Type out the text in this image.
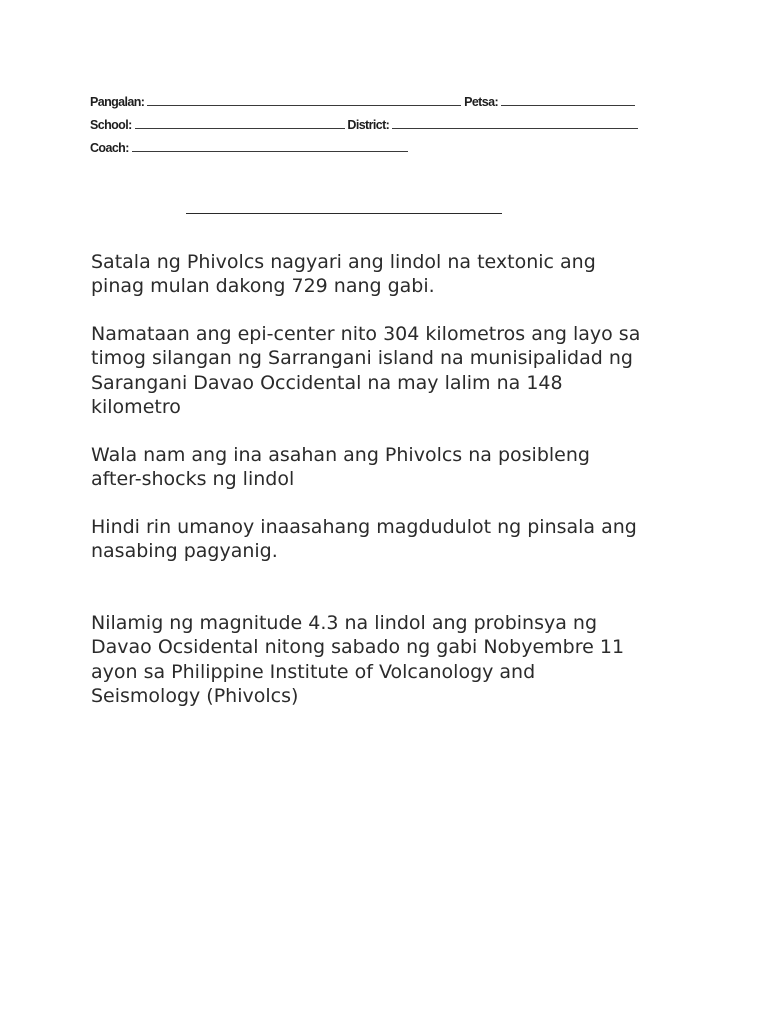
Pangalan:	Petsa:
School:	District:
Coach:

Satala ng Phivolcs nagyari ang lindol na textonic ang
pinag mulan dakong 729 nang gabi.

Namataan ang epi-center nito 304 kilometros ang layo sa
timog silangan ng Sarrangani island na munisipalidad ng
Sarangani Davao Occidental na may lalim na 148
kilometro

Wala nam ang ina asahan ang Phivolcs na posibleng
after-shocks ng lindol

Hindi rin umanoy inaasahang magdudulot ng pinsala ang
nasabing pagyanig.

Nilamig ng magnitude 4.3 na lindol ang probinsya ng
Davao Ocsidental nitong sabado ng gabi Nobyembre 11
ayon sa Philippine Institute of Volcanology and
Seismology (Phivolcs)
